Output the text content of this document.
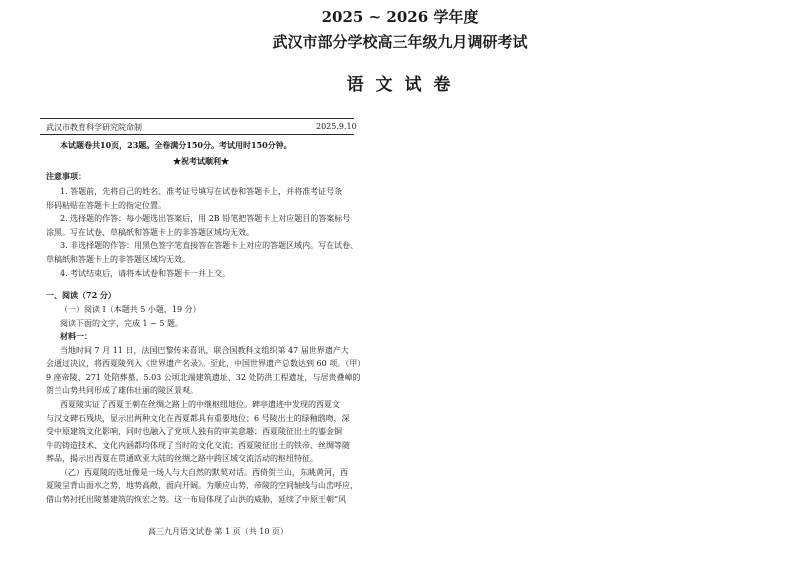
2025 ~ 2026 学年度
武汉市部分学校高三年级九月调研考试
语 文 试 卷
武汉市教育科学研究院命制	2025.9.10
本试题卷共10页，23题。全卷满分150分。考试用时150分钟。
★祝考试顺利★
注意事项：
1. 答题前，先将自己的姓名、准考证号填写在试卷和答题卡上，并将准考证号条
形码粘贴在答题卡上的指定位置。
2. 选择题的作答：每小题选出答案后，用 2B 铅笔把答题卡上对应题目的答案标号
涂黑。写在试卷、草稿纸和答题卡上的非答题区域均无效。
3. 非选择题的作答：用黑色签字笔直接答在答题卡上对应的答题区域内。写在试卷、
草稿纸和答题卡上的非答题区域均无效。
4. 考试结束后，请将本试卷和答题卡一并上交。
一、阅读（72 分）
（一）阅读 I（本题共 5 小题，19 分）
阅读下面的文字，完成 1 ~ 5 题。
材料一：
当地时间 7 月 11 日，法国巴黎传来喜讯，联合国教科文组织第 47 届世界遗产大
会通过决议，将西夏陵列入《世界遗产名录》。至此，中国世界遗产总数达到 60 项。（甲）
9 座帝陵、271 处陪葬墓、5.03 公顷北端建筑遗址、32 处防洪工程遗址，与居贵叠嶂的
贺兰山势共同形成了雄伟壮丽的陵区景观。
西夏陵实证了西夏王朝在丝绸之路上的中继枢纽地位。碑亭遗迹中发现的西夏文
与汉文碑石残块，显示出两种文化在西夏都具有重要地位；6 号陵出土的绿釉鸱吻，深
受中原建筑文化影响，同时也融入了党项人独有的审美意趣；西夏陵征出土的鎏金铜
牛的铸造技术、文化内涵都均体现了当时的文化交流；西夏陵征出土的铁帝、丝绸等随
葬品，揭示出西夏在贯通欧亚大陆的丝绸之路中跨区域交流活动的枢纽特征。
（乙）西夏陵的选址像是一场人与大自然的默契对话。西倚贺兰山，东眺黄河，西
夏陵呈背山面水之势，地势高敞，面向开阔。为顺应山势，帝陵的空间轴线与山峦呼应，
借山势衬托出陵墓建筑的恢宏之势。这一布局体现了山洪的威胁，延续了中原王朝“风
高三九月语文试卷 第 1 页（共 10 页）
